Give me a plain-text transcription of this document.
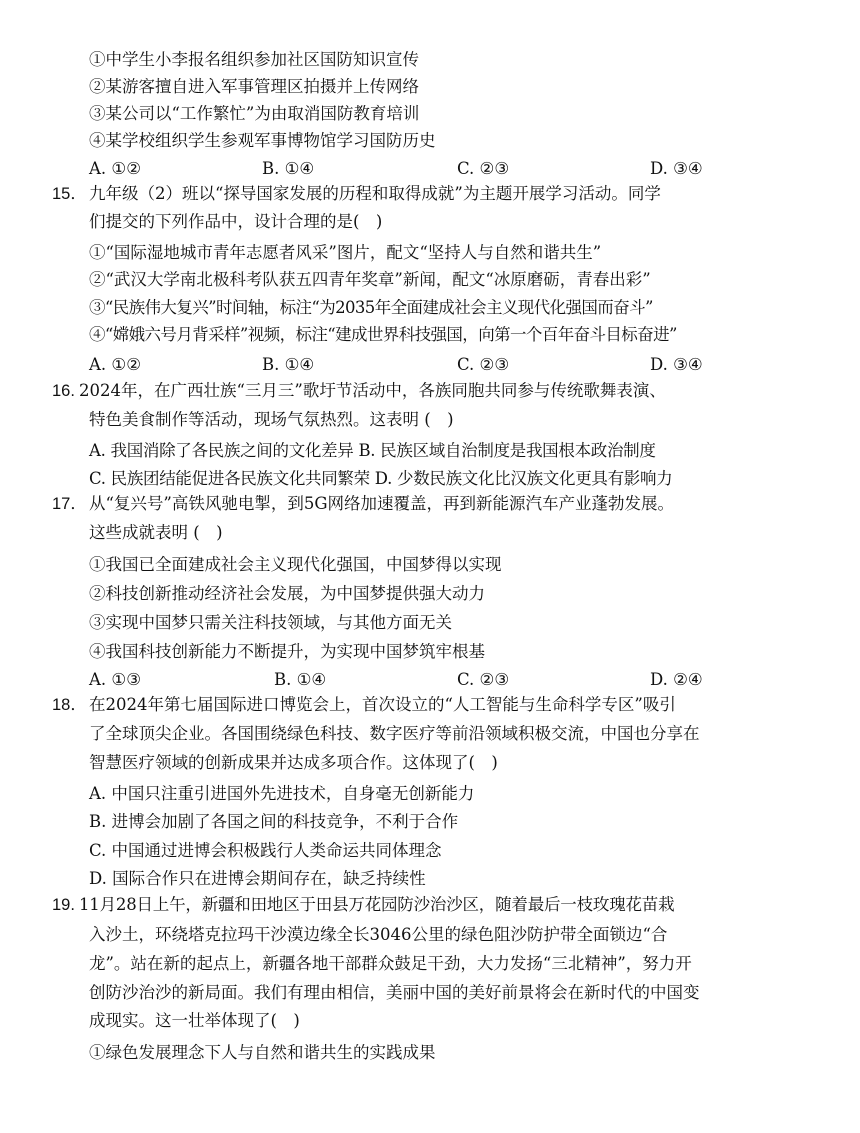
①中学生小李报名组织参加社区国防知识宣传
②某游客擅自进入军事管理区拍摄并上传网络
③某公司以“工作繁忙”为由取消国防教育培训
④某学校组织学生参观军事博物馆学习国防历史
A. ①②	B. ①④	C. ②③	D. ③④
15． 九年级（2）班以“探导国家发展的历程和取得成就”为主题开展学习活动。同学
们提交的下列作品中，设计合理的是(　)
①“国际湿地城市青年志愿者风采”图片，配文“坚持人与自然和谐共生”
②“武汉大学南北极科考队获五四青年奖章”新闻，配文“冰原磨砺，青春出彩”
③“民族伟大复兴”时间轴，标注“为2035年全面建成社会主义现代化强国而奋斗”
④“嫦娥六号月背采样”视频，标注“建成世界科技强国，向第一个百年奋斗目标奋进”
A. ①②	B. ①④	C. ②③	D. ③④
16. 2024年，在广西壮族“三月三”歌圩节活动中，各族同胞共同参与传统歌舞表演、
特色美食制作等活动，现场气氛热烈。这表明 (　)
A. 我国消除了各民族之间的文化差异 B. 民族区域自治制度是我国根本政治制度
C. 民族团结能促进各民族文化共同繁荣 D. 少数民族文化比汉族文化更具有影响力
17． 从“复兴号”高铁风驰电掣，到5G网络加速覆盖，再到新能源汽车产业蓬勃发展。
这些成就表明 (　)
①我国已全面建成社会主义现代化强国，中国梦得以实现
②科技创新推动经济社会发展，为中国梦提供强大动力
③实现中国梦只需关注科技领域，与其他方面无关
④我国科技创新能力不断提升，为实现中国梦筑牢根基
A. ①③	B. ①④	C. ②③	D. ②④
18． 在2024年第七届国际进口博览会上，首次设立的“人工智能与生命科学专区”吸引
了全球顶尖企业。各国围绕绿色科技、数字医疗等前沿领域积极交流，中国也分享在
智慧医疗领域的创新成果并达成多项合作。这体现了(　)
A. 中国只注重引进国外先进技术，自身毫无创新能力
B. 进博会加剧了各国之间的科技竞争，不利于合作
C. 中国通过进博会积极践行人类命运共同体理念
D. 国际合作只在进博会期间存在，缺乏持续性
19. 11月28日上午，新疆和田地区于田县万花园防沙治沙区，随着最后一枝玫瑰花苗栽
入沙土，环绕塔克拉玛干沙漠边缘全长3046公里的绿色阻沙防护带全面锁边“合
龙”。站在新的起点上，新疆各地干部群众鼓足干劲，大力发扬“三北精神”，努力开
创防沙治沙的新局面。我们有理由相信，美丽中国的美好前景将会在新时代的中国变
成现实。这一壮举体现了(　)
①绿色发展理念下人与自然和谐共生的实践成果
